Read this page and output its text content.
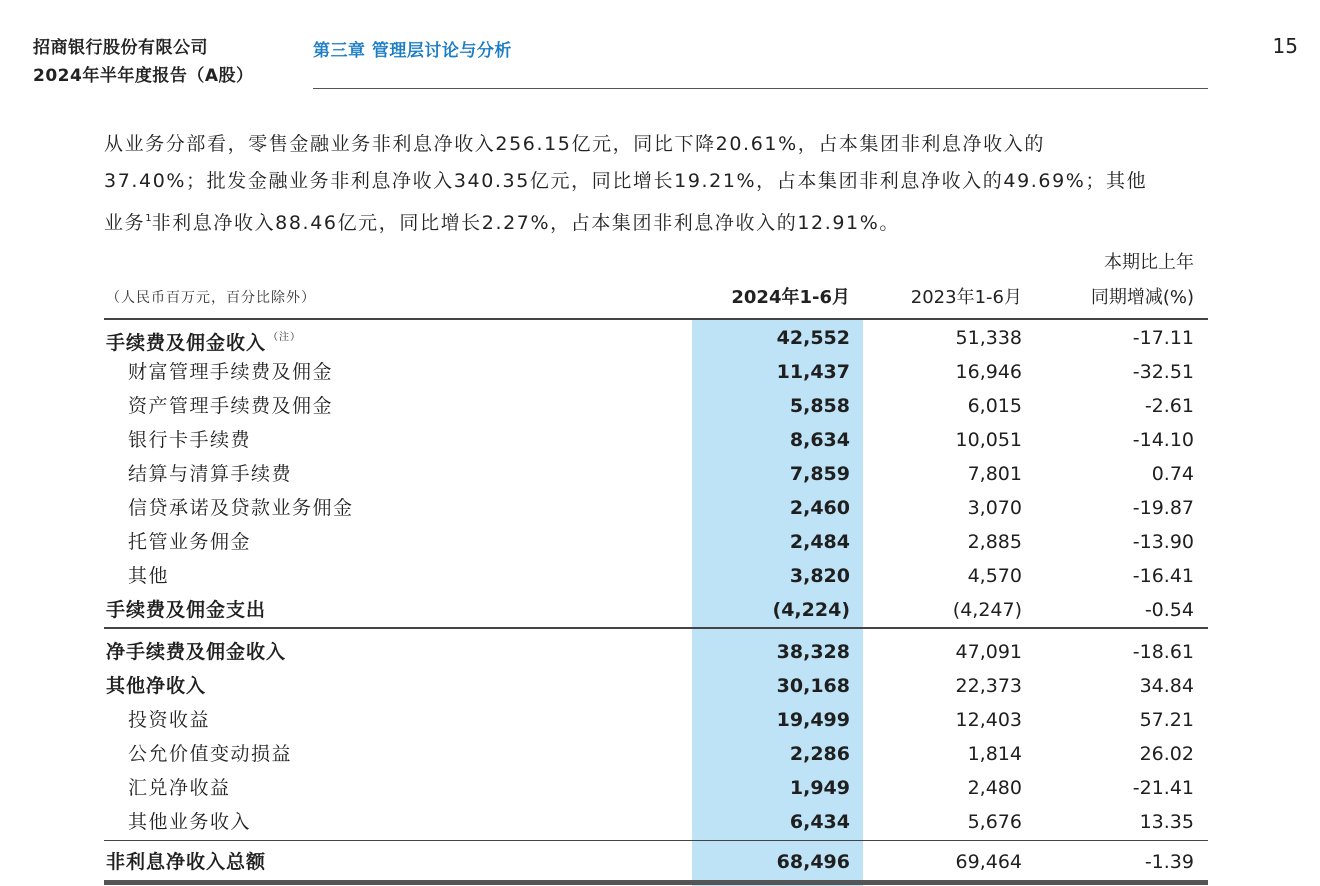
招商银行股份有限公司
2024年半年度报告（A股）
第三章 管理层讨论与分析	15
从业务分部看，零售金融业务非利息净收入256.15亿元，同比下降20.61%，占本集团非利息净收入的
37.40%；批发金融业务非利息净收入340.35亿元，同比增长19.21%，占本集团非利息净收入的49.69%；其他
业务$^1$非利息净收入88.46亿元，同比增长2.27%，占本集团非利息净收入的12.91%。
（人民币百万元，百分比除外）	2024年1-6月	2023年1-6月
本期比上年
同期增减(%)
手续费及佣金收入 $^{(注)}$	42,552	51,338	-17.11
财富管理手续费及佣金	11,437	16,946	-32.51
资产管理手续费及佣金	5,858	6,015	-2.61
银行卡手续费	8,634	10,051	-14.10
结算与清算手续费	7,859	7,801	0.74
信贷承诺及贷款业务佣金	2,460	3,070	-19.87
托管业务佣金	2,484	2,885	-13.90
其他	3,820	4,570	-16.41
手续费及佣金支出	(4,224)	(4,247)	-0.54
净手续费及佣金收入	38,328	47,091	-18.61
其他净收入	30,168	22,373	34.84
投资收益	19,499	12,403	57.21
公允价值变动损益	2,286	1,814	26.02
汇兑净收益	1,949	2,480	-21.41
其他业务收入	6,434	5,676	13.35
非利息净收入总额	68,496	69,464	-1.39
